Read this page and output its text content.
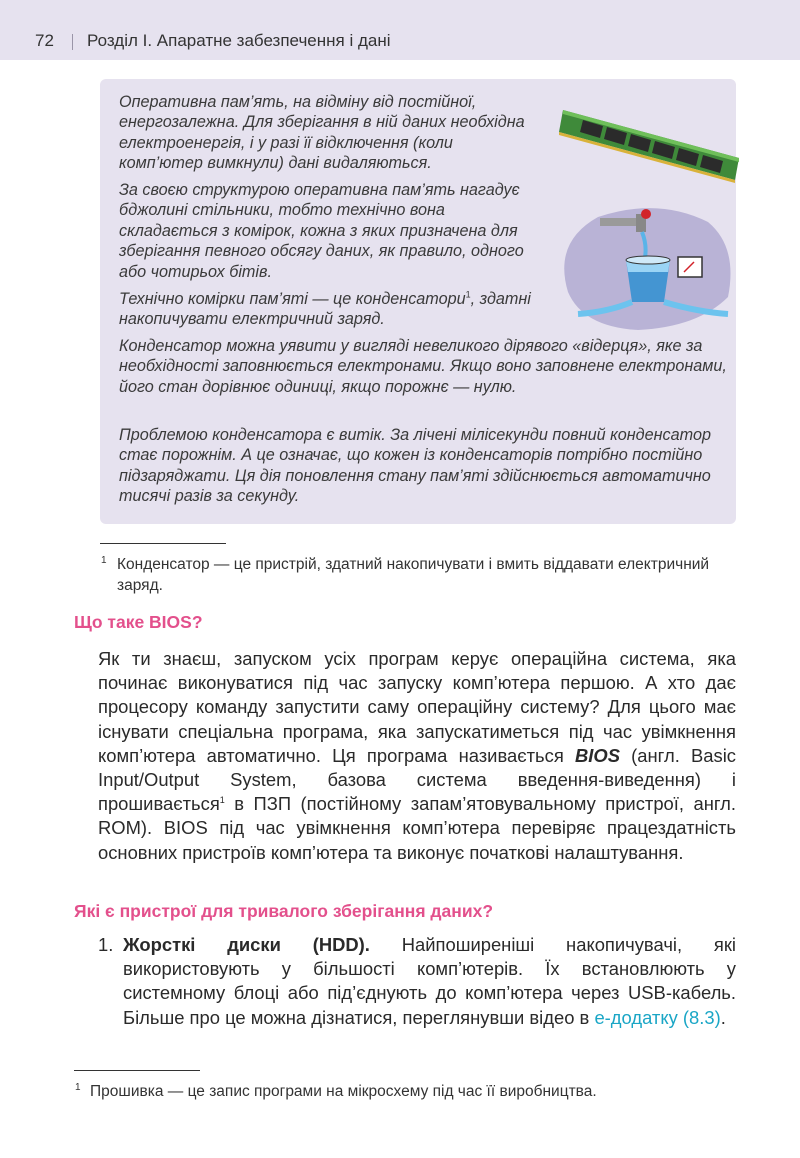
72 Розділ І. Апаратне забезпечення і дані

Оперативна пам’ять, на відміну від постійної, енергозалежна. Для зберігання в ній даних необхідна електроенергія, і у разі її відключення (коли комп’ютер вимкнули) дані видаляються.

За своєю структурою оперативна пам’ять нагадує бджолині стільники, тобто технічно вона складається з комірок, кожна з яких призначена для зберігання певного обсягу даних, як правило, одного або чотирьох бітів.

Технічно комірки пам’яті — це конденсатори$^1$, здатні накопичувати електричний заряд.

Конденсатор можна уявити у вигляді невеликого дірявого «відерця», яке за необхідності заповнюється електронами. Якщо воно заповнене електронами, його стан дорівнює одиниці, якщо порожнє — нулю.

Проблемою конденсатора є витік. За лічені мілісекунди повний конденсатор стає порожнім. А це означає, що кожен із конденсаторів потрібно постійно підзаряджати. Ця дія поновлення стану пам’яті здійснюється автоматично тисячі разів за секунду.

1 Конденсатор — це пристрій, здатний накопичувати і вмить віддавати електричний заряд.

Що таке BIOS?

Як ти знаєш, запуском усіх програм керує операційна система, яка починає виконуватися під час запуску комп’ютера першою. А хто дає процесору команду запустити саму операційну систему? Для цього має існувати спеціальна програма, яка запускатиметься під час увімкнення комп’ютера автоматично. Ця програма називається BIOS (англ. Basic Input/Output System, базова система введення-виведення) і прошивається$^1$ в ПЗП (постійному запам’ятовувальному пристрої, англ. ROM). BIOS під час увімкнення комп’ютера перевіряє працездатність основних пристроїв комп’ютера та виконує початкові налаштування.

Які є пристрої для тривалого зберігання даних?
1. Жорсткі диски (HDD). Найпоширеніші накопичувачі, які використовують у більшості комп’ютерів. Їх встановлюють у системному блоці або під’єднують до комп’ютера через USB-кабель. Більше про це можна дізнатися, переглянувши відео в е-додатку (8.3).

1 Прошивка — це запис програми на мікросхему під час її виробництва.
